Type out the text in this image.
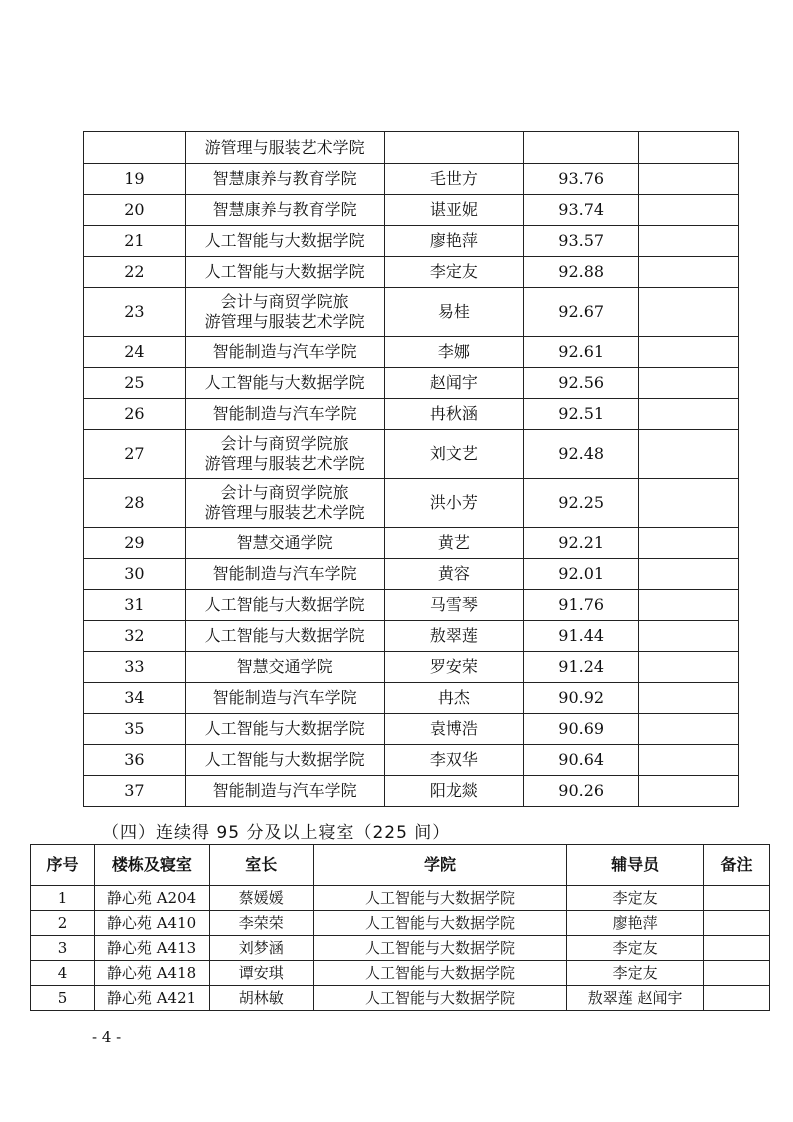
	游管理与服装艺术学院			

19	智慧康养与教育学院	毛世方	93.76	
20	智慧康养与教育学院	谌亚妮	93.74	
21	人工智能与大数据学院	廖艳萍	93.57	
22	人工智能与大数据学院	李定友	92.88	
23	会计与商贸学院旅
游管理与服装艺术学院	易桂	92.67	
24	智能制造与汽车学院	李娜	92.61	
25	人工智能与大数据学院	赵闻宇	92.56	
26	智能制造与汽车学院	冉秋涵	92.51	
27	会计与商贸学院旅
游管理与服装艺术学院	刘文艺	92.48	
28	会计与商贸学院旅
游管理与服装艺术学院	洪小芳	92.25	
29	智慧交通学院	黄艺	92.21	
30	智能制造与汽车学院	黄容	92.01	
31	人工智能与大数据学院	马雪琴	91.76	
32	人工智能与大数据学院	敖翠莲	91.44	
33	智慧交通学院	罗安荣	91.24	
34	智能制造与汽车学院	冉杰	90.92	
35	人工智能与大数据学院	袁博浩	90.69	
36	人工智能与大数据学院	李双华	90.64	
37	智能制造与汽车学院	阳龙燚	90.26	
（四）连续得 95 分及以上寝室（225 间）
序号	楼栋及寝室	室长	学院	辅导员	备注
1	静心苑 A204	蔡媛媛	人工智能与大数据学院	李定友	
2	静心苑 A410	李荣荣	人工智能与大数据学院	廖艳萍	
3	静心苑 A413	刘梦涵	人工智能与大数据学院	李定友	
4	静心苑 A418	谭安琪	人工智能与大数据学院	李定友	
5	静心苑 A421	胡林敏	人工智能与大数据学院	敖翠莲 赵闻宇	
- 4 -
